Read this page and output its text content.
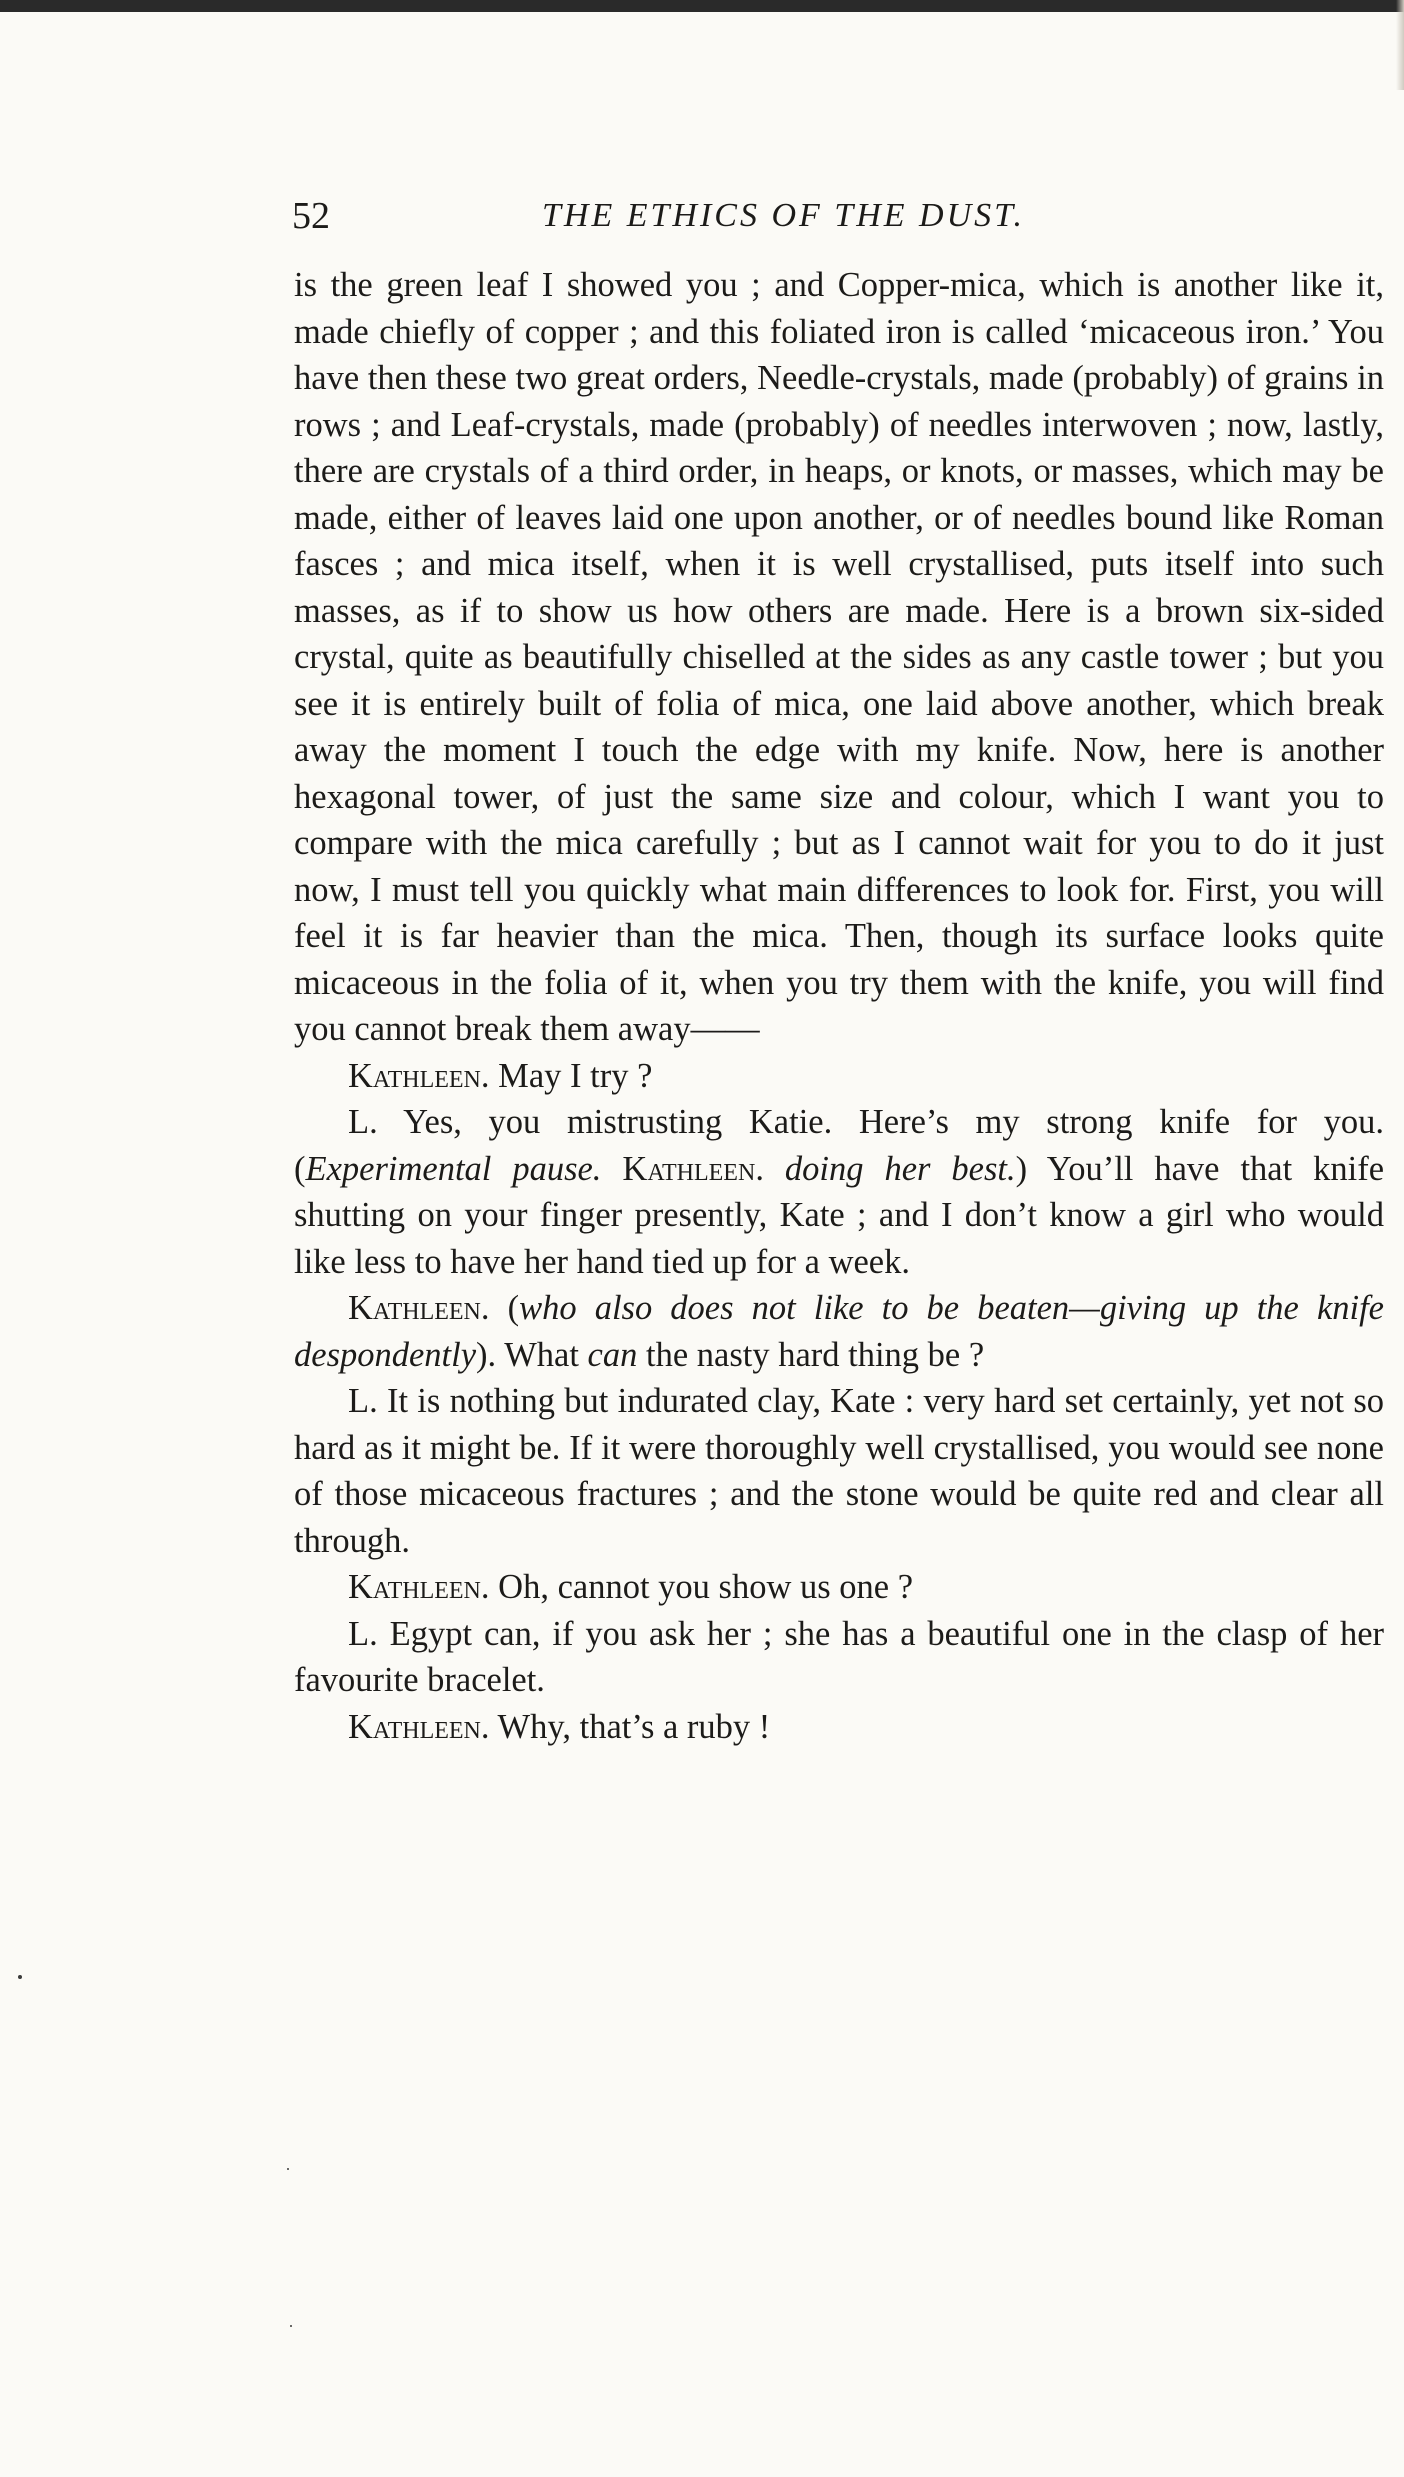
52	THE ETHICS OF THE DUST.

is the green leaf I showed you ; and Copper-mica, which is another like it, made chiefly of copper ; and this foliated iron is called ‘micaceous iron.’ You have then these two great orders, Needle-crystals, made (probably) of grains in rows ; and Leaf-crystals, made (probably) of needles interwoven ; now, lastly, there are crystals of a third order, in heaps, or knots, or masses, which may be made, either of leaves laid one upon another, or of needles bound like Roman fasces ; and mica itself, when it is well crystallised, puts itself into such masses, as if to show us how others are made. Here is a brown six-sided crystal, quite as beautifully chiselled at the sides as any castle tower ; but you see it is entirely built of folia of mica, one laid above another, which break away the moment I touch the edge with my knife. Now, here is another hexagonal tower, of just the same size and colour, which I want you to compare with the mica carefully ; but as I cannot wait for you to do it just now, I must tell you quickly what main differences to look for. First, you will feel it is far heavier than the mica. Then, though its surface looks quite micaceous in the folia of it, when you try them with the knife, you will find you cannot break them away——

Kathleen . May I try ?

L. Yes, you mistrusting Katie. Here’s my strong knife for you. (Experimental pause. Kathleen . doing her best.) You’ll have that knife shutting on your finger presently, Kate ; and I don’t know a girl who would like less to have her hand tied up for a week.

Kathleen . (who also does not like to be beaten—giving up the knife despondently). What can the nasty hard thing be ?

L. It is nothing but indurated clay, Kate : very hard set certainly, yet not so hard as it might be. If it were thoroughly well crystallised, you would see none of those micaceous fractures ; and the stone would be quite red and clear all through.

Kathleen . Oh, cannot you show us one ?

L. Egypt can, if you ask her ; she has a beautiful one in the clasp of her favourite bracelet.

Kathleen . Why, that’s a ruby !
